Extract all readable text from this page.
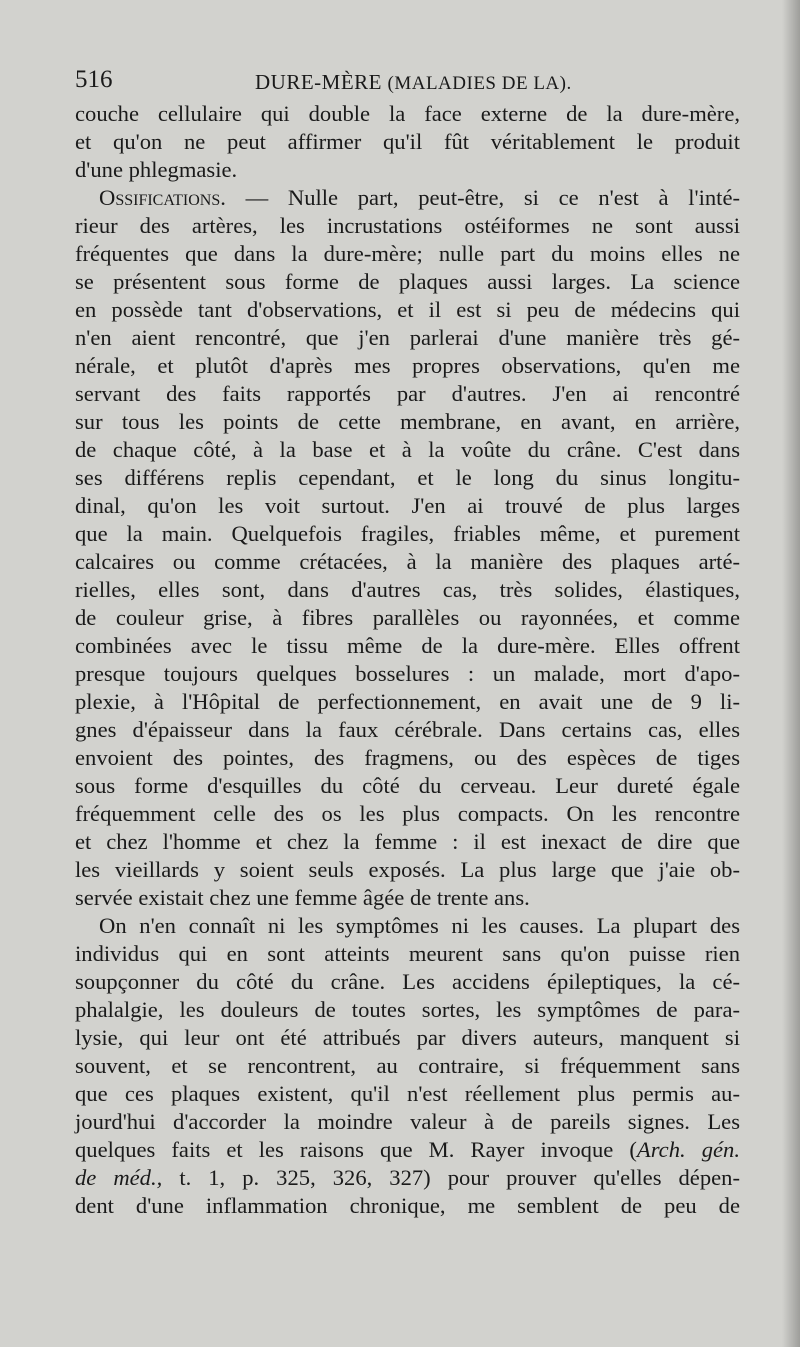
516	DURE-MÈRE (MALADIES DE LA).
couche cellulaire qui double la face externe de la dure-mère,
et qu'on ne peut affirmer qu'il fût véritablement le produit
d'une phlegmasie.
Ossifications. — Nulle part, peut-être, si ce n'est à l'inté-
rieur des artères, les incrustations ostéiformes ne sont aussi
fréquentes que dans la dure-mère; nulle part du moins elles ne
se présentent sous forme de plaques aussi larges. La science
en possède tant d'observations, et il est si peu de médecins qui
n'en aient rencontré, que j'en parlerai d'une manière très gé-
nérale, et plutôt d'après mes propres observations, qu'en me
servant des faits rapportés par d'autres. J'en ai rencontré
sur tous les points de cette membrane, en avant, en arrière,
de chaque côté, à la base et à la voûte du crâne. C'est dans
ses différens replis cependant, et le long du sinus longitu-
dinal, qu'on les voit surtout. J'en ai trouvé de plus larges
que la main. Quelquefois fragiles, friables même, et purement
calcaires ou comme crétacées, à la manière des plaques arté-
rielles, elles sont, dans d'autres cas, très solides, élastiques,
de couleur grise, à fibres parallèles ou rayonnées, et comme
combinées avec le tissu même de la dure-mère. Elles offrent
presque toujours quelques bosselures : un malade, mort d'apo-
plexie, à l'Hôpital de perfectionnement, en avait une de 9 li-
gnes d'épaisseur dans la faux cérébrale. Dans certains cas, elles
envoient des pointes, des fragmens, ou des espèces de tiges
sous forme d'esquilles du côté du cerveau. Leur dureté égale
fréquemment celle des os les plus compacts. On les rencontre
et chez l'homme et chez la femme : il est inexact de dire que
les vieillards y soient seuls exposés. La plus large que j'aie ob-
servée existait chez une femme âgée de trente ans.
On n'en connaît ni les symptômes ni les causes. La plupart des
individus qui en sont atteints meurent sans qu'on puisse rien
soupçonner du côté du crâne. Les accidens épileptiques, la cé-
phalalgie, les douleurs de toutes sortes, les symptômes de para-
lysie, qui leur ont été attribués par divers auteurs, manquent si
souvent, et se rencontrent, au contraire, si fréquemment sans
que ces plaques existent, qu'il n'est réellement plus permis au-
jourd'hui d'accorder la moindre valeur à de pareils signes. Les
quelques faits et les raisons que M. Rayer invoque (Arch. gén.
de méd., t. 1, p. 325, 326, 327) pour prouver qu'elles dépen-
dent d'une inflammation chronique, me semblent de peu de
